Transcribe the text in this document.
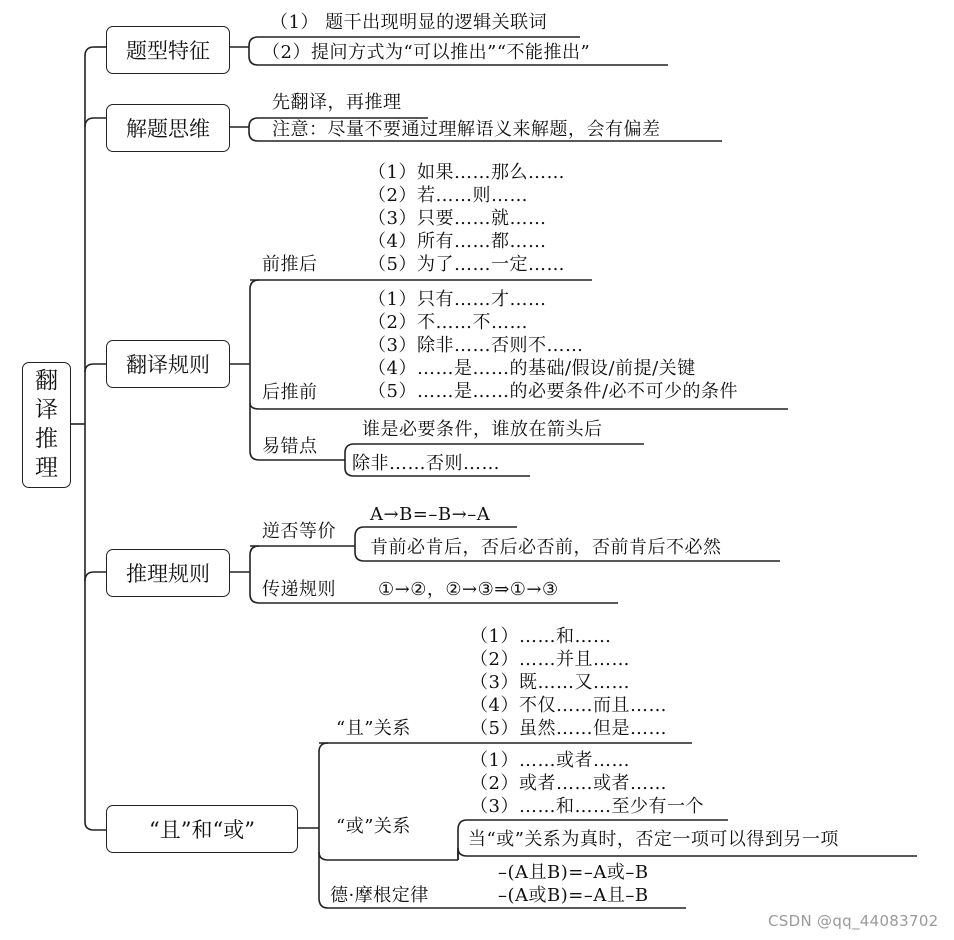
翻
译
推
理
题型特征
（1） 题干出现明显的逻辑关联词
（2）提问方式为“可以推出”“不能推出”
解题思维
先翻译，再推理
注意：尽量不要通过理解语义来解题，会有偏差
翻译规则
前推后
（1）如果……那么……
（2）若……则……
（3）只要……就……
（4）所有……都……
（5）为了……一定……
后推前
（1）只有……才……
（2）不……不……
（3）除非……否则不……
（4）……是……的基础/假设/前提/关键
（5）……是……的必要条件/必不可少的条件
易错点
谁是必要条件，谁放在箭头后
除非……否则……
推理规则
逆否等价
A→B=–B→–A
肯前必肯后，否后必否前，否前肯后不必然
传递规则 ①→②，②→③⇒①→③
“且”和“或”
“且”关系
（1）……和……
（2）……并且……
（3）既……又……
（4）不仅……而且……
（5）虽然……但是……
“或”关系
（1）……或者……
（2）或者……或者……
（3）……和……至少有一个
当“或”关系为真时，否定一项可以得到另一项
德·摩根定律
–(A且B)=–A或–B
–(A或B)=–A且–B
CSDN @qq_44083702
